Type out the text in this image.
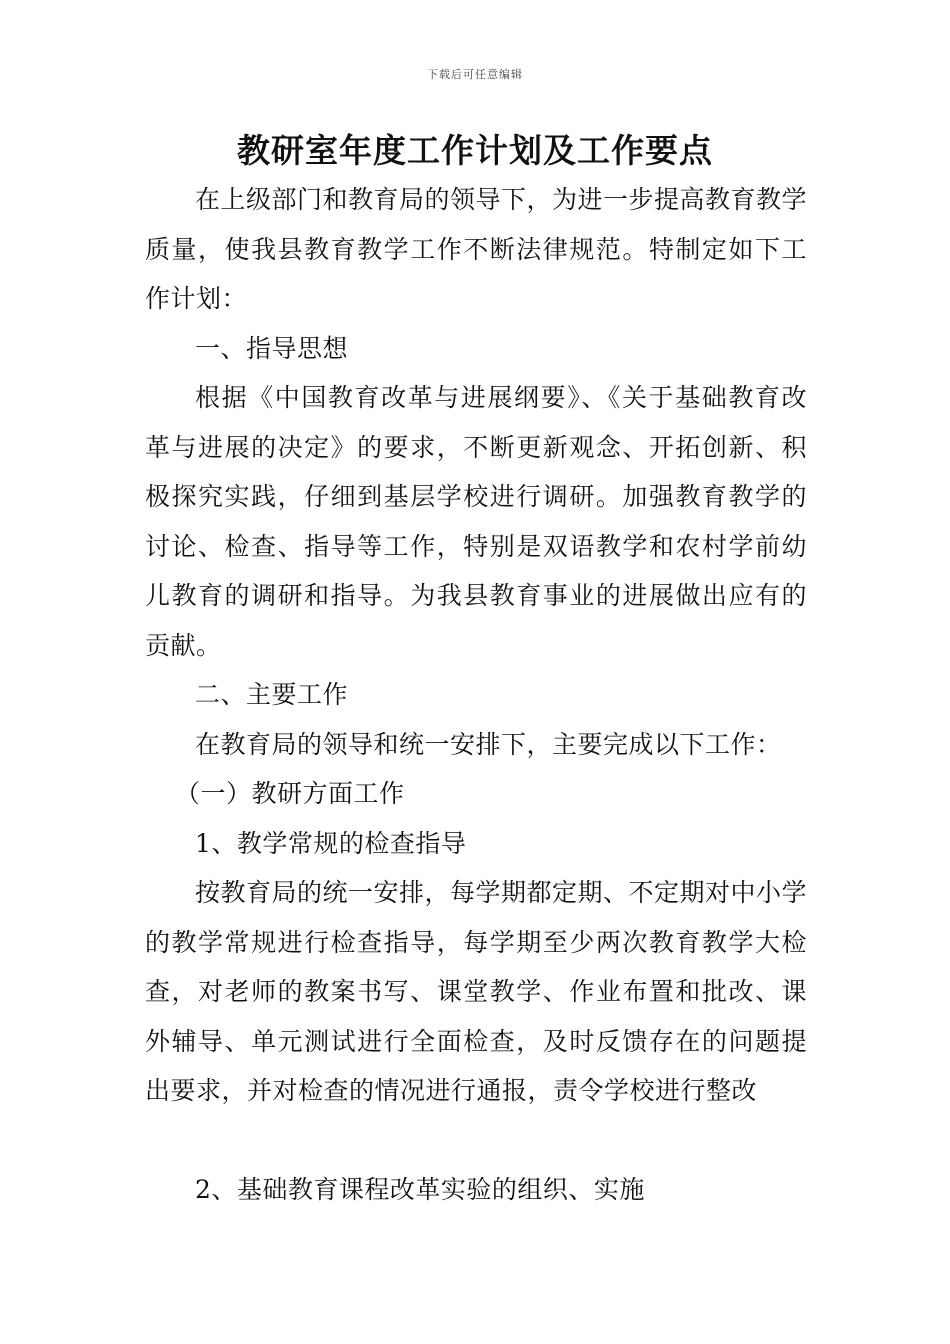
下载后可任意编辑
教研室年度工作计划及工作要点

在上级部门和教育局的领导下，为进一步提高教育教学质量，使我县教育教学工作不断法律规范。特制定如下工作计划：

一、指导思想

根据《中国教育改革与进展纲要》、《关于基础教育改革与进展的决定》的要求，不断更新观念、开拓创新、积极探究实践，仔细到基层学校进行调研。加强教育教学的讨论、检查、指导等工作，特别是双语教学和农村学前幼儿教育的调研和指导。为我县教育事业的进展做出应有的贡献。

二、主要工作

在教育局的领导和统一安排下，主要完成以下工作：

（一）教研方面工作

1、教学常规的检查指导

按教育局的统一安排，每学期都定期、不定期对中小学的教学常规进行检查指导，每学期至少两次教育教学大检查，对老师的教案书写、课堂教学、作业布置和批改、课外辅导、单元测试进行全面检查，及时反馈存在的问题提出要求，并对检查的情况进行通报，责令学校进行整改

2、基础教育课程改革实验的组织、实施
